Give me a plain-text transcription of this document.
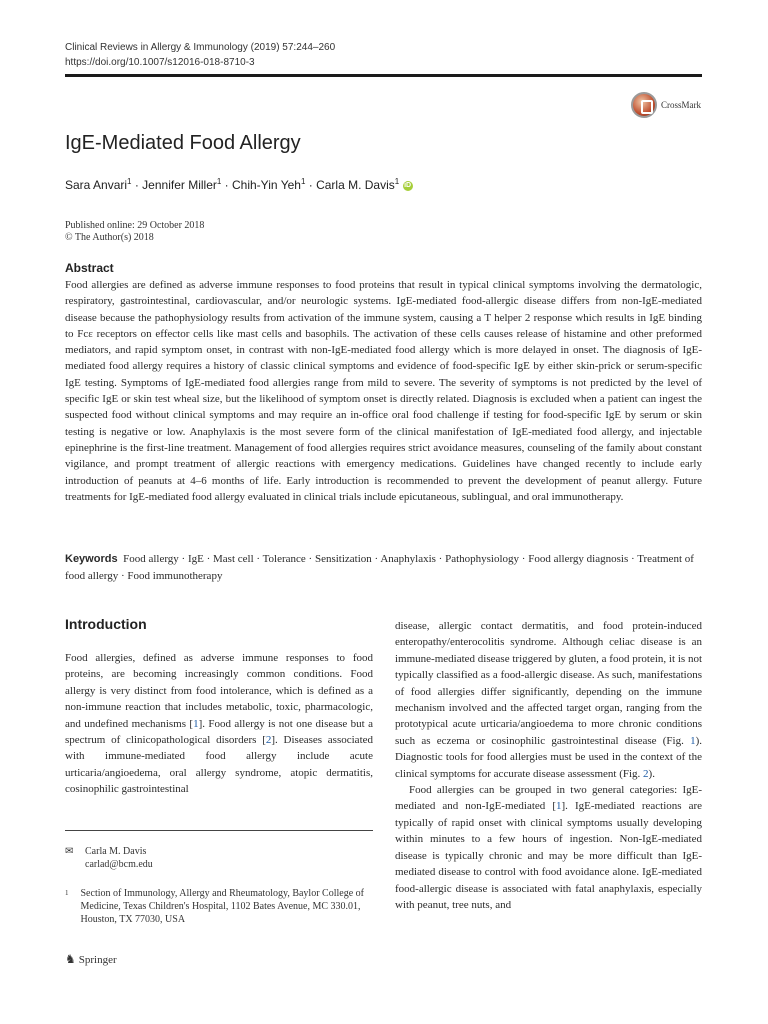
Clinical Reviews in Allergy & Immunology (2019) 57:244–260
https://doi.org/10.1007/s12016-018-8710-3
CrossMark
IgE-Mediated Food Allergy
Sara Anvari$^1$ · Jennifer Miller$^1$ · Chih-Yin Yeh$^1$ · Carla M. Davis$^1$ iD
Published online: 29 October 2018
© The Author(s) 2018
Abstract

Food allergies are defined as adverse immune responses to food proteins that result in typical clinical symptoms involving the dermatologic, respiratory, gastrointestinal, cardiovascular, and/or neurologic systems. IgE-mediated food-allergic disease differs from non-IgE-mediated disease because the pathophysiology results from activation of the immune system, causing a T helper 2 response which results in IgE binding to Fcε receptors on effector cells like mast cells and basophils. The activation of these cells causes release of histamine and other preformed mediators, and rapid symptom onset, in contrast with non-IgE-mediated food allergy which is more delayed in onset. The diagnosis of IgE-mediated food allergy requires a history of classic clinical symptoms and evidence of food-specific IgE by either skin-prick or serum-specific IgE testing. Symptoms of IgE-mediated food allergies range from mild to severe. The severity of symptoms is not predicted by the level of specific IgE or skin test wheal size, but the likelihood of symptom onset is directly related. Diagnosis is excluded when a patient can ingest the suspected food without clinical symptoms and may require an in-office oral food challenge if testing for food-specific IgE by serum or skin testing is negative or low. Anaphylaxis is the most severe form of the clinical manifestation of IgE-mediated food allergy, and injectable epinephrine is the first-line treatment. Management of food allergies requires strict avoidance measures, counseling of the family about constant vigilance, and prompt treatment of allergic reactions with emergency medications. Guidelines have changed recently to include early introduction of peanuts at 4–6 months of life. Early introduction is recommended to prevent the development of peanut allergy. Future treatments for IgE-mediated food allergy evaluated in clinical trials include epicutaneous, sublingual, and oral immunotherapy.

Keywords Food allergy · IgE · Mast cell · Tolerance · Sensitization · Anaphylaxis · Pathophysiology · Food allergy diagnosis · Treatment of food allergy · Food immunotherapy
Introduction

Food allergies, defined as adverse immune responses to food proteins, are becoming increasingly common conditions. Food allergy is very distinct from food intolerance, which is defined as a non-immune reaction that includes metabolic, toxic, pharmacologic, and undefined mechanisms [1]. Food allergy is not one disease but a spectrum of clinicopathological disorders [2]. Diseases associated with immune-mediated food allergy include acute urticaria/angioedema, oral allergy syndrome, atopic dermatitis, cosinophilic gastrointestinal

disease, allergic contact dermatitis, and food protein-induced enteropathy/enterocolitis syndrome. Although celiac disease is an immune-mediated disease triggered by gluten, a food protein, it is not typically classified as a food-allergic disease. As such, manifestations of food allergies differ significantly, depending on the immune mechanism involved and the affected target organ, ranging from the prototypical acute urticaria/angioedema to more chronic conditions such as eczema or cosinophilic gastrointestinal disease (Fig. 1). Diagnostic tools for food allergies must be used in the context of the clinical symptoms for accurate disease assessment (Fig. 2).

Food allergies can be grouped in two general categories: IgE-mediated and non-IgE-mediated [1]. IgE-mediated reactions are typically of rapid onset with clinical symptoms usually developing within minutes to a few hours of ingestion. Non-IgE-mediated disease is typically chronic and may be more difficult than IgE-mediated disease to control with food avoidance alone. IgE-mediated food-allergic disease is associated with fatal anaphylaxis, especially with peanut, tree nuts, and

✉	Carla M. Davis
carlad@bcm.edu
1 Section of Immunology, Allergy and Rheumatology, Baylor College of Medicine, Texas Children's Hospital, 1102 Bates Avenue, MC 330.01, Houston, TX 77030, USA
♞ Springer
